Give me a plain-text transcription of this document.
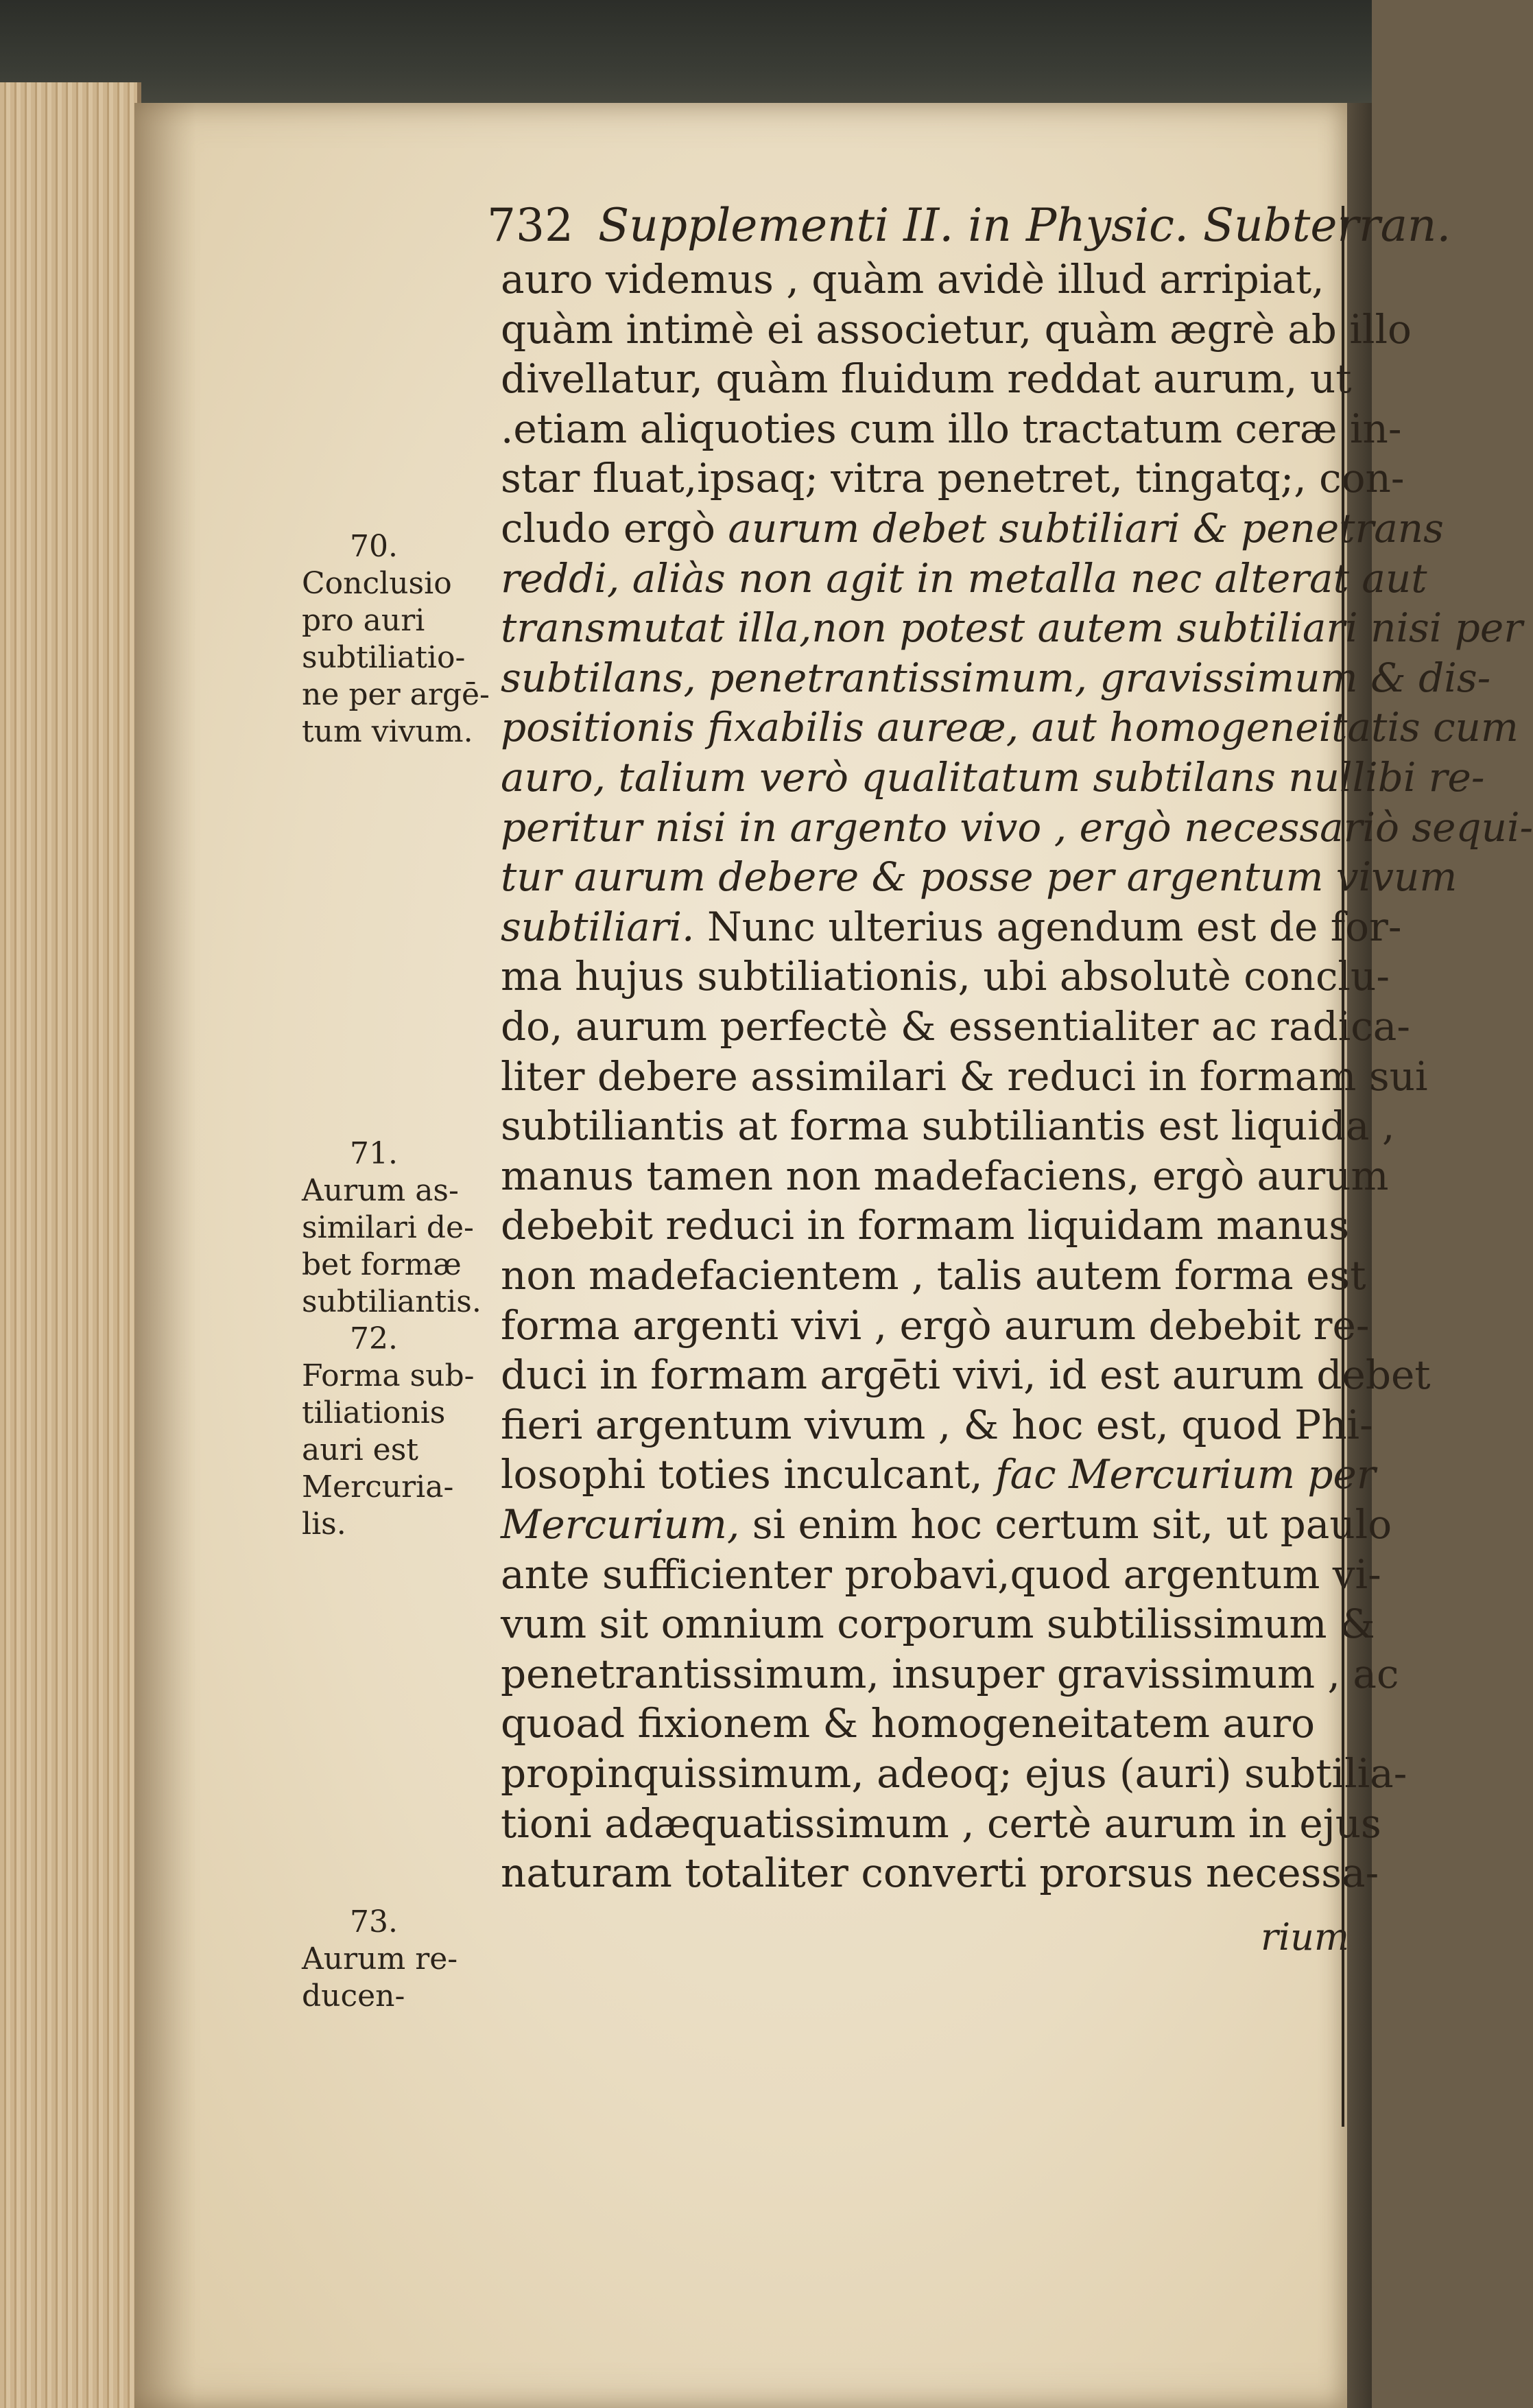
732 Supplementi II. in Physic. Subterran.
auro videmus , quàm avidè illud arripiat,
quàm intimè ei associetur, quàm ægrè ab illo
divellatur, quàm fluidum reddat aurum, ut
.etiam aliquoties cum illo tractatum ceræ in-
star fluat,ipsaq; vitra penetret, tingatq;, con-
cludo ergò aurum debet subtiliari & penetrans
reddi, aliàs non agit in metalla nec alterat aut
transmutat illa,non potest autem subtiliari nisi per
subtilans, penetrantissimum, gravissimum & dis-
positionis fixabilis aureæ, aut homogeneitatis cum
auro, talium verò qualitatum subtilans nullibi re-
peritur nisi in argento vivo , ergò necessariò sequi-
tur aurum debere & posse per argentum vivum
subtiliari. Nunc ulterius agendum est de for-
ma hujus subtiliationis, ubi absolutè conclu-
do, aurum perfectè & essentialiter ac radica-
liter debere assimilari & reduci in formam sui
subtiliantis at forma subtiliantis est liquida ,
manus tamen non madefaciens, ergò aurum
debebit reduci in formam liquidam manus
non madefacientem , talis autem forma est
forma argenti vivi , ergò aurum debebit re-
duci in formam argēti vivi, id est aurum debet
fieri argentum vivum , & hoc est, quod Phi-
losophi toties inculcant, fac Mercurium per
Mercurium, si enim hoc certum sit, ut paulo
ante sufficienter probavi,quod argentum vi-
vum sit omnium corporum subtilissimum &
penetrantissimum, insuper gravissimum , ac
quoad fixionem & homogeneitatem auro
propinquissimum, adeoq; ejus (auri) subtilia-
tioni adæquatissimum , certè aurum in ejus
naturam totaliter converti prorsus necessa-
70.
Conclusio
pro auri
subtiliatio-
ne per argē-
tum vivum.
71.
Aurum as-
similari de-
bet formæ
subtiliantis.
72.
Forma sub-
tiliationis
auri est
Mercuria-
lis.
73.
Aurum re-
ducen-
rium
